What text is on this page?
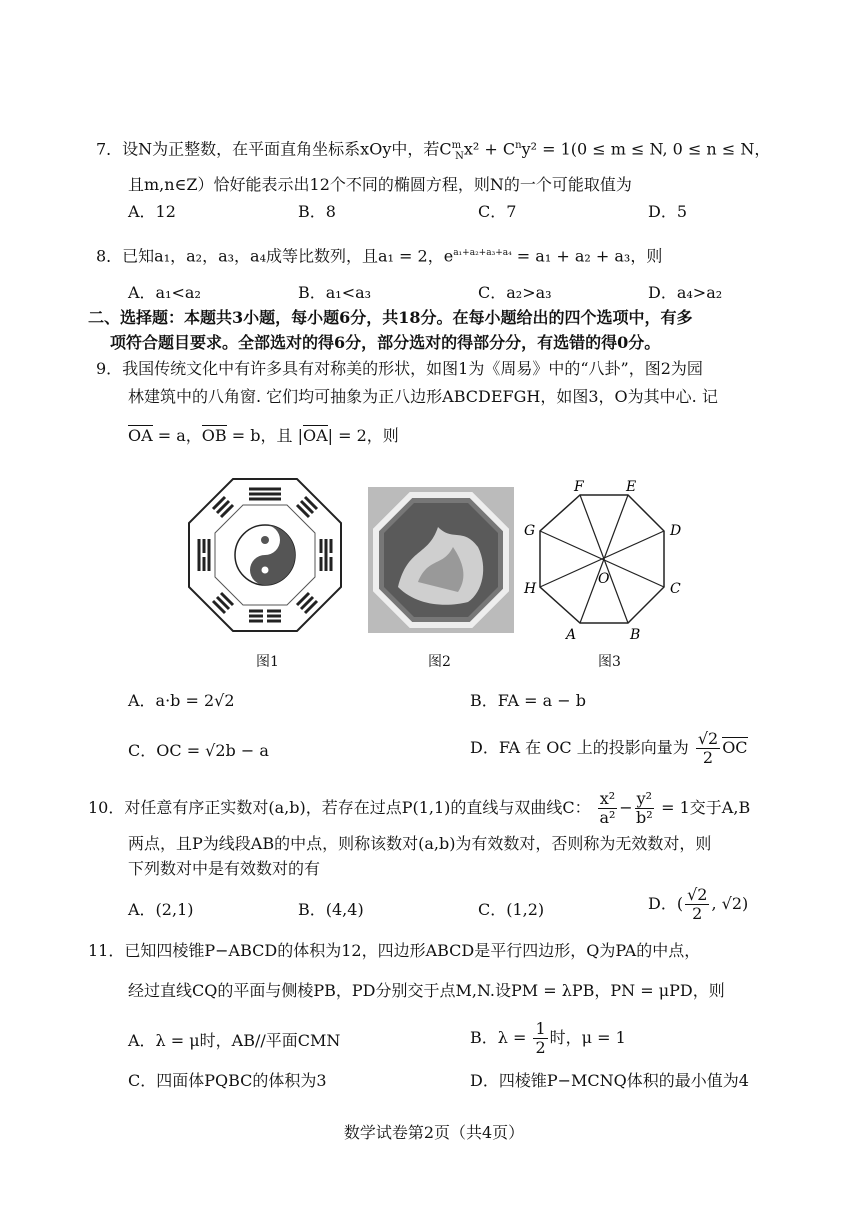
7．设N为正整数，在平面直角坐标系xOy中，若$C^m_Nx^2 + C^ny^2 = 1(0 \le m \le N$, 0 ≤ n ≤ N，
且m,n∈Z）恰好能表示出12个不同的椭圆方程，则N的一个可能取值为
A．12	B．8	C．7	D．5
8．已知a₁，a₂，a₃，a₄成等比数列，且a₁ = 2，$e^{a_1+a_2+a_3+a_4} = a_1 + a_2 + a_3$，则
A．a₁<a₂	B．a₁<a₃	C．a₂>a₃	D．a₄>a₂
二、选择题：本题共3小题，每小题6分，共18分。在每小题给出的四个选项中，有多
项符合题目要求。全部选对的得6分，部分选对的得部分分，有选错的得0分。
9．我国传统文化中有许多具有对称美的形状，如图1为《周易》中的“八卦”，图2为园
林建筑中的八角窗. 它们均可抽象为正八边形ABCDEFGH，如图3，O为其中心. 记
OA = a，OB = b，且 |OA| = 2，则
F	E
G	D
H	C
A	B
O
图1	图2	图3
A．a·b = 2√2	B．FA = a − b
C．OC = √2b − a	D．FA 在 OC 上的投影向量为 $\frac{√2}{2}$ OC
10．对任意有序正实数对(a,b)，若存在过点P(1,1)的直线与双曲线C： $\frac{\text{x²}}{\text{a²}} - \frac{\text{y²}}{\text{b²}} = 1$交于A,B
两点，且P为线段AB的中点，则称该数对(a,b)为有效数对，否则称为无效数对，则
下列数对中是有效数对的有
A．(2,1)	B．(4,4)	C．(1,2)	D．( $\frac{√2}{2}$ , √2)
11．已知四棱锥P−ABCD的体积为12，四边形ABCD是平行四边形，Q为PA的中点，
经过直线CQ的平面与侧棱PB，PD分别交于点M,N.设PM = λPB，PN = μPD，则
A．λ = μ时，AB//平面CMN	B．$\lambda = \frac{1}{2}$ 时，μ = 1
C．四面体PQBC的体积为3	D．四棱锥P−MCNQ体积的最小值为4
数学试卷第2页（共4页）
